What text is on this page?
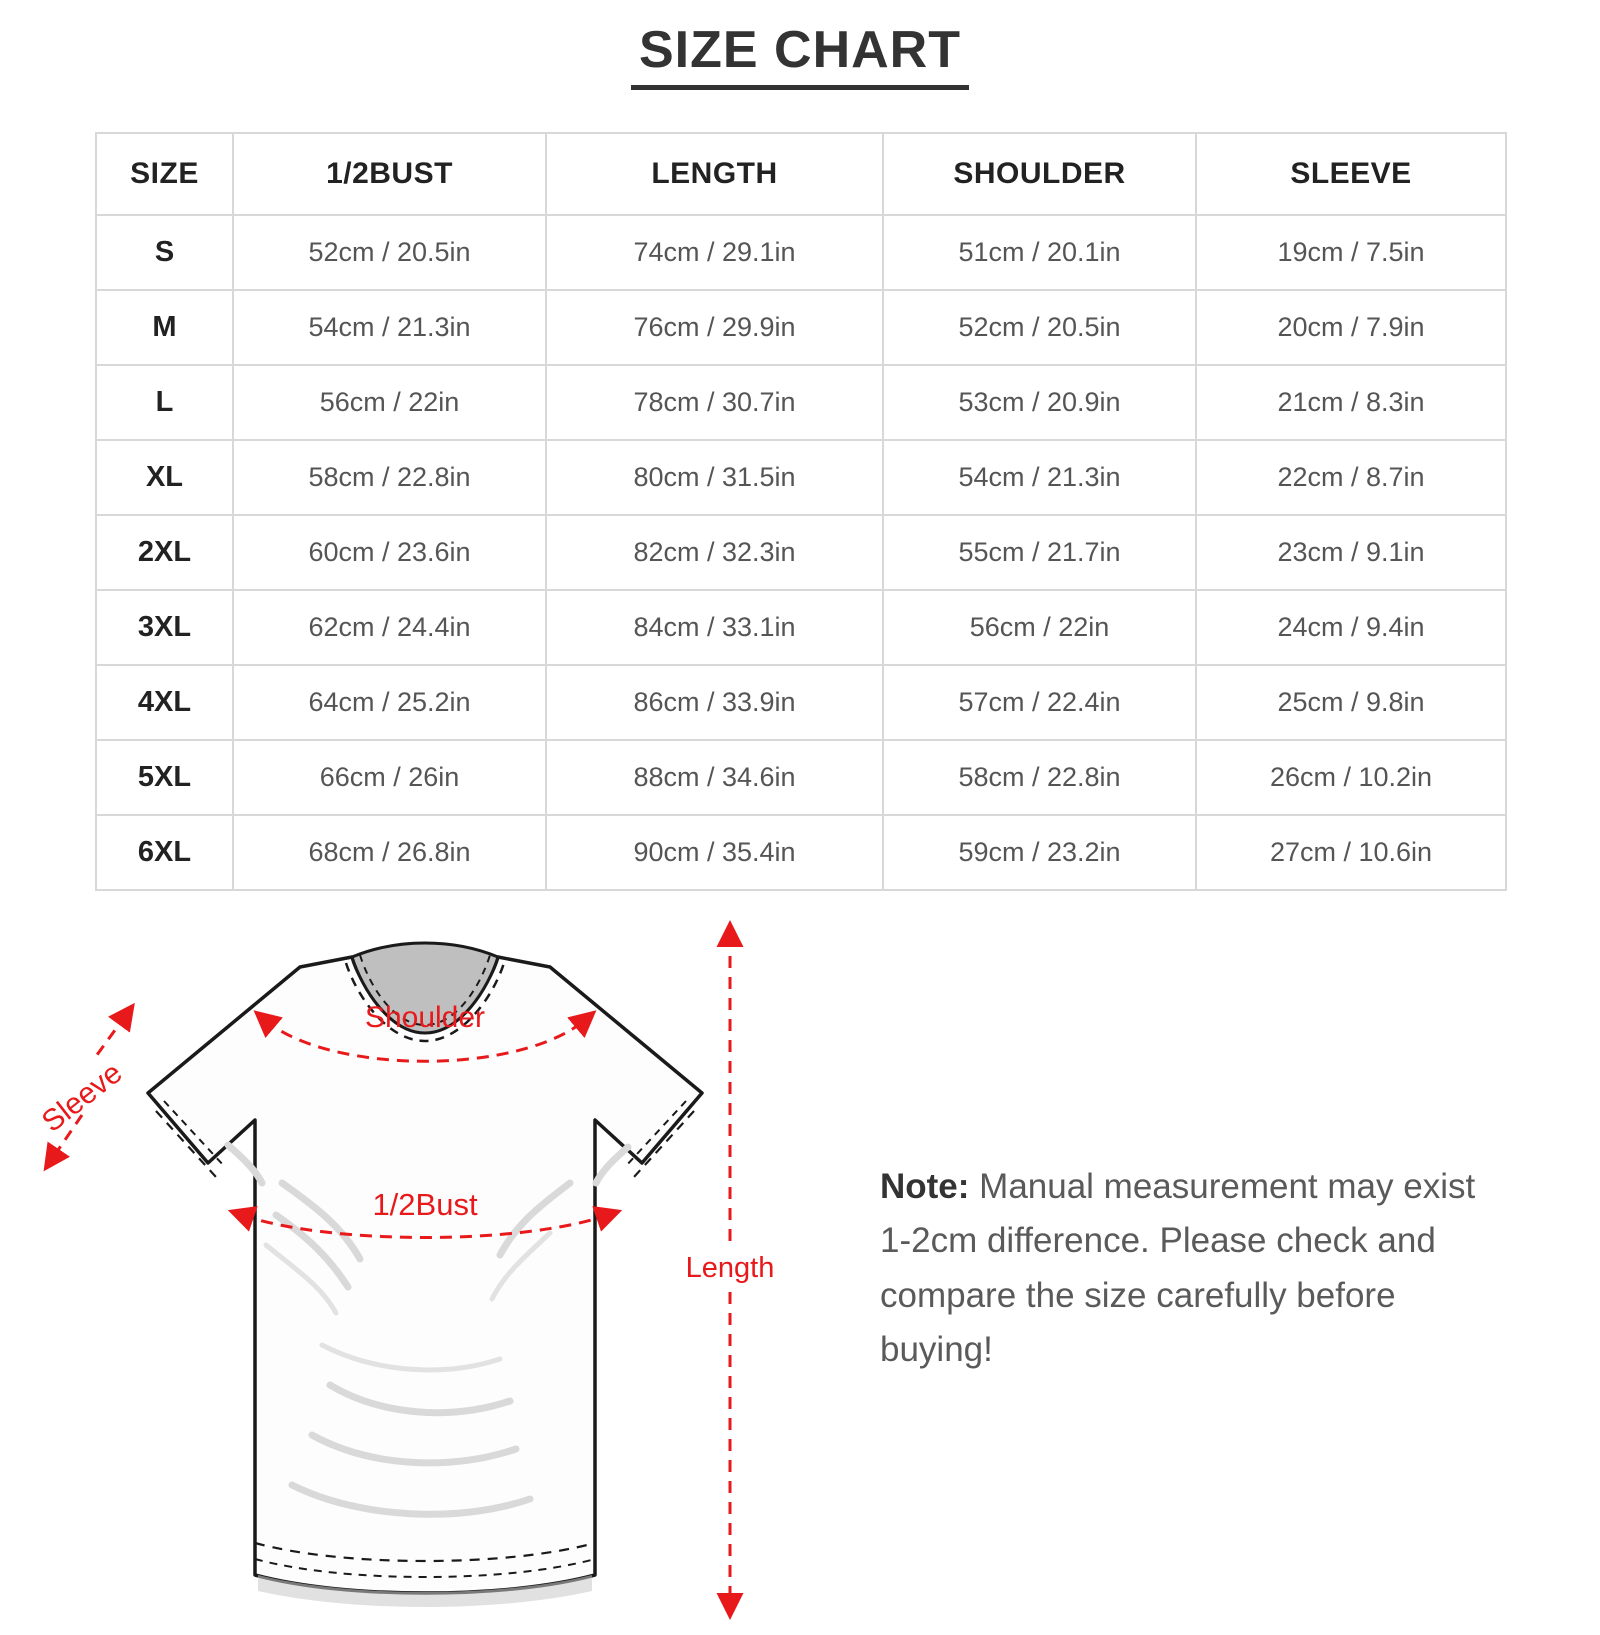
SIZE CHART
SIZE	1/2BUST	LENGTH	SHOULDER	SLEEVE
S	52cm / 20.5in	74cm / 29.1in	51cm / 20.1in	19cm / 7.5in
M	54cm / 21.3in	76cm / 29.9in	52cm / 20.5in	20cm / 7.9in
L	56cm / 22in	78cm / 30.7in	53cm / 20.9in	21cm / 8.3in
XL	58cm / 22.8in	80cm / 31.5in	54cm / 21.3in	22cm / 8.7in
2XL	60cm / 23.6in	82cm / 32.3in	55cm / 21.7in	23cm / 9.1in
3XL	62cm / 24.4in	84cm / 33.1in	56cm / 22in	24cm / 9.4in
4XL	64cm / 25.2in	86cm / 33.9in	57cm / 22.4in	25cm / 9.8in
5XL	66cm / 26in	88cm / 34.6in	58cm / 22.8in	26cm / 10.2in
6XL	68cm / 26.8in	90cm / 35.4in	59cm / 23.2in	27cm / 10.6in
Shoulder
Sleeve
1/2Bust
Length
Note: Manual measurement may exist 1-2cm difference. Please check and compare the size carefully before buying!
